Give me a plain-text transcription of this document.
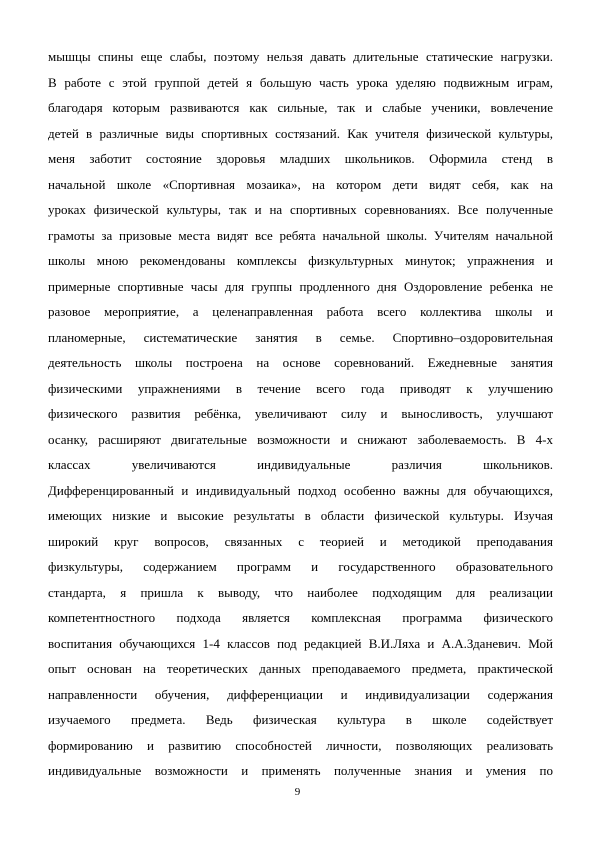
мышцы спины еще слабы, поэтому нельзя давать длительные статические нагрузки.
В работе с этой группой детей я большую часть урока уделяю подвижным играм,
благодаря которым развиваются как сильные, так и слабые ученики, вовлечение
детей в различные виды спортивных состязаний. Как учителя физической культуры,
меня заботит состояние здоровья младших школьников. Оформила стенд в
начальной школе «Спортивная мозаика», на котором дети видят себя, как на
уроках физической культуры, так и на спортивных соревнованиях. Все полученные
грамоты за призовые места видят все ребята начальной школы. Учителям начальной
школы мною рекомендованы комплексы физкультурных минуток; упражнения и
примерные спортивные часы для группы продленного дня Оздоровление ребенка не
разовое мероприятие, а целенаправленная работа всего коллектива школы и
планомерные, систематические занятия в семье. Спортивно–оздоровительная
деятельность школы построена на основе соревнований. Ежедневные занятия
физическими упражнениями в течение всего года приводят к улучшению
физического развития ребёнка, увеличивают силу и выносливость, улучшают
осанку, расширяют двигательные возможности и снижают заболеваемость. В 4-х
классах увеличиваются индивидуальные различия школьников.
Дифференцированный и индивидуальный подход особенно важны для обучающихся,
имеющих низкие и высокие результаты в области физической культуры. Изучая
широкий круг вопросов, связанных с теорией и методикой преподавания
физкультуры, содержанием программ и государственного образовательного
стандарта, я пришла к выводу, что наиболее подходящим для реализации
компетентностного подхода является комплексная программа физического
воспитания обучающихся 1-4 классов под редакцией В.И.Ляха и А.А.Зданевич. Мой
опыт основан на теоретических данных преподаваемого предмета, практической
направленности обучения, дифференциации и индивидуализации содержания
изучаемого предмета. Ведь физическая культура в школе содействует
формированию и развитию способностей личности, позволяющих реализовать
индивидуальные возможности и применять полученные знания и умения по
9
